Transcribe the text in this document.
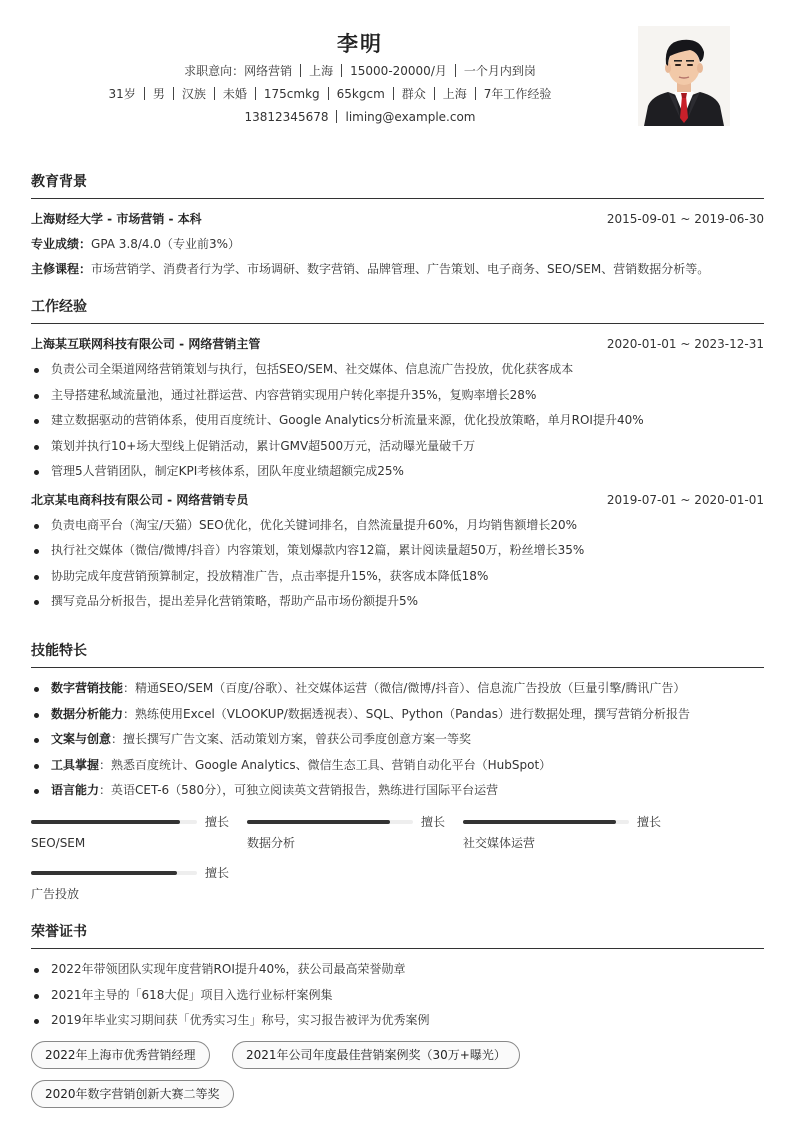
李明
求职意向：网络营销 上海 15000-20000/月 一个月内到岗
31岁 男 汉族 未婚 175cmkg 65kgcm 群众 上海 7年工作经验
13812345678 liming@example.com
教育背景
上海财经大学 - 市场营销 - 本科	2015-09-01 ~ 2019-06-30
专业成绩：GPA 3.8/4.0（专业前3%）
主修课程：市场营销学、消费者行为学、市场调研、数字营销、品牌管理、广告策划、电子商务、SEO/SEM、营销数据分析等。
工作经验
上海某互联网科技有限公司 - 网络营销主管	2020-01-01 ~ 2023-12-31
负责公司全渠道网络营销策划与执行，包括SEO/SEM、社交媒体、信息流广告投放，优化获客成本
主导搭建私域流量池，通过社群运营、内容营销实现用户转化率提升35%，复购率增长28%
建立数据驱动的营销体系，使用百度统计、Google Analytics分析流量来源，优化投放策略，单月ROI提升40%
策划并执行10+场大型线上促销活动，累计GMV超500万元，活动曝光量破千万
管理5人营销团队，制定KPI考核体系，团队年度业绩超额完成25%
北京某电商科技有限公司 - 网络营销专员	2019-07-01 ~ 2020-01-01
负责电商平台（淘宝/天猫）SEO优化，优化关键词排名，自然流量提升60%，月均销售额增长20%
执行社交媒体（微信/微博/抖音）内容策划，策划爆款内容12篇，累计阅读量超50万，粉丝增长35%
协助完成年度营销预算制定，投放精准广告，点击率提升15%，获客成本降低18%
撰写竞品分析报告，提出差异化营销策略，帮助产品市场份额提升5%
技能特长
数字营销技能：精通SEO/SEM（百度/谷歌）、社交媒体运营（微信/微博/抖音）、信息流广告投放（巨量引擎/腾讯广告）
数据分析能力：熟练使用Excel（VLOOKUP/数据透视表）、SQL、Python（Pandas）进行数据处理，撰写营销分析报告
文案与创意：擅长撰写广告文案、活动策划方案，曾获公司季度创意方案一等奖
工具掌握：熟悉百度统计、Google Analytics、微信生态工具、营销自动化平台（HubSpot）
语言能力：英语CET-6（580分），可独立阅读英文营销报告，熟练进行国际平台运营
擅长
SEO/SEM
擅长
数据分析
擅长
社交媒体运营
擅长
广告投放
荣誉证书
2022年带领团队实现年度营销ROI提升40%，获公司最高荣誉勋章
2021年主导的「618大促」项目入选行业标杆案例集
2019年毕业实习期间获「优秀实习生」称号，实习报告被评为优秀案例
2022年上海市优秀营销经理	2021年公司年度最佳营销案例奖（30万+曝光）
2020年数字营销创新大赛二等奖
